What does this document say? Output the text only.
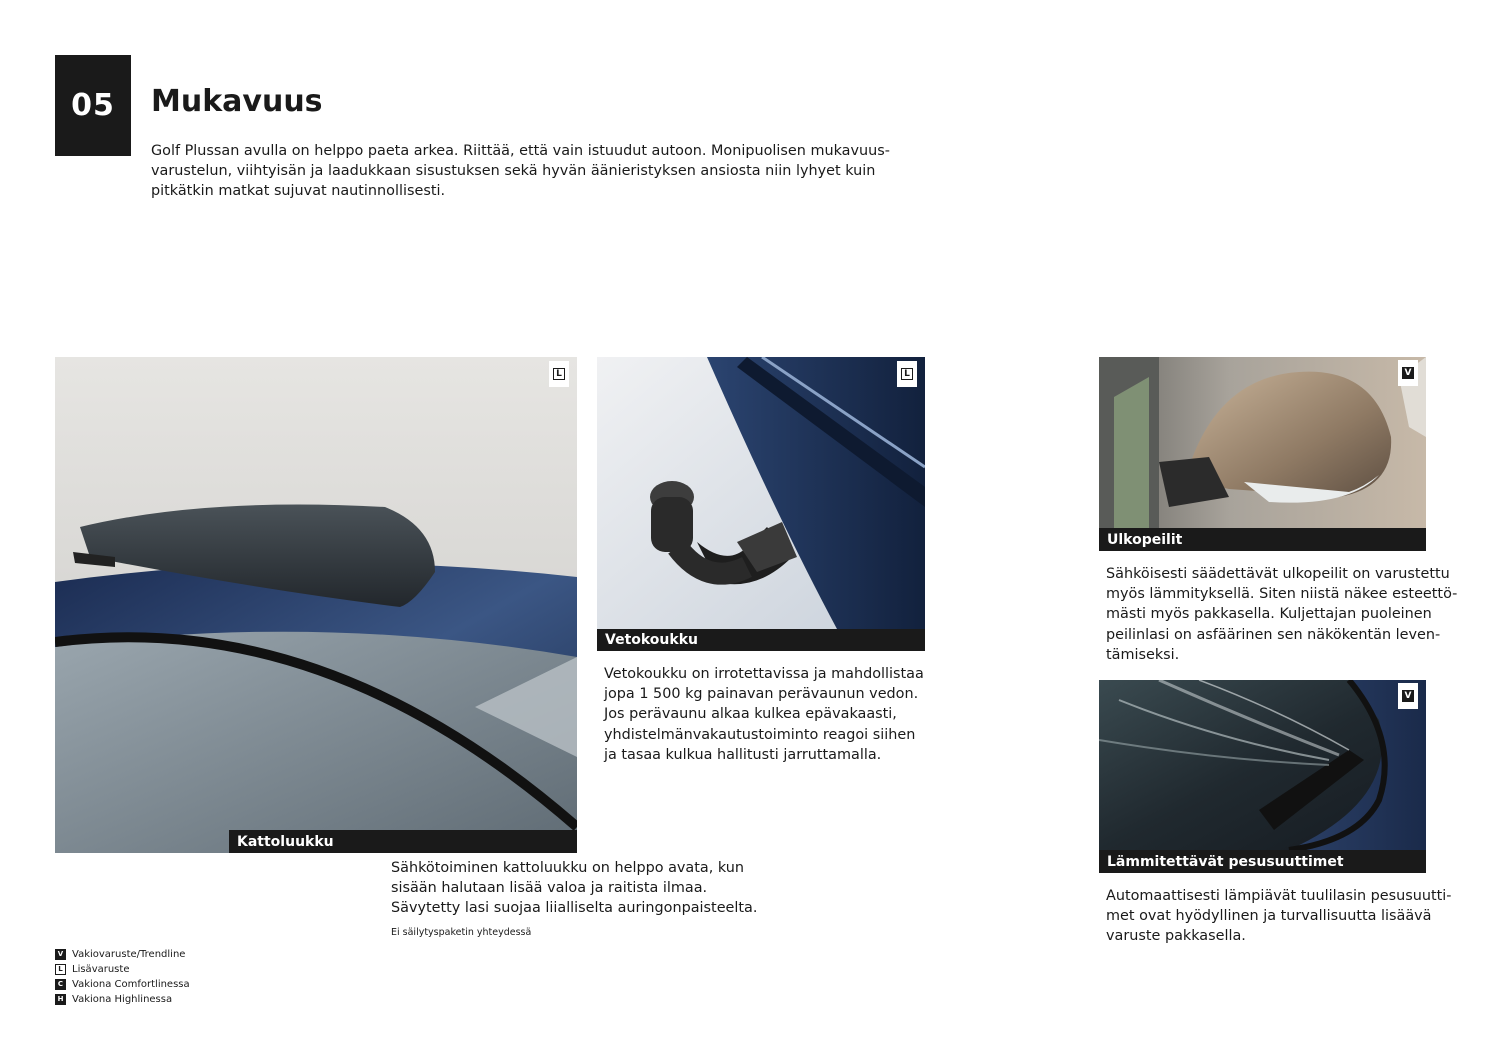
05 Mukavuus

Golf Plussan avulla on helppo paeta arkea. Riittää, että vain istuudut autoon. Monipuolisen mukavuus-
varustelun, viihtyisän ja laadukkaan sisustuksen sekä hyvän äänieristyksen ansiosta niin lyhyet kuin
pitkätkin matkat sujuvat nautinnollisesti.

L
Kattoluukku

Sähkötoiminen kattoluukku on helppo avata, kun
sisään halutaan lisää valoa ja raitista ilmaa.
Sävytetty lasi suojaa liialliselta auringonpaisteelta.

Ei säilytyspaketin yhteydessä
L
Vetokoukku

Vetokoukku on irrotettavissa ja mahdollistaa
jopa 1 500 kg painavan perävaunun vedon.
Jos perävaunu alkaa kulkea epävakaasti,
yhdistelmänvakautustoiminto reagoi siihen
ja tasaa kulkua hallitusti jarruttamalla.

V
Ulkopeilit

Sähköisesti säädettävät ulkopeilit on varustettu
myös lämmityksellä. Siten niistä näkee esteettö-
mästi myös pakkasella. Kuljettajan puoleinen
peilinlasi on asfäärinen sen näkökentän leven-
tämiseksi.

V
Lämmitettävät pesusuuttimet

Automaattisesti lämpiävät tuulilasin pesusuutti-
met ovat hyödyllinen ja turvallisuutta lisäävä
varuste pakkasella.

V Vakiovaruste/Trendline
L Lisävaruste
C Vakiona Comfortlinessa
H Vakiona Highlinessa
